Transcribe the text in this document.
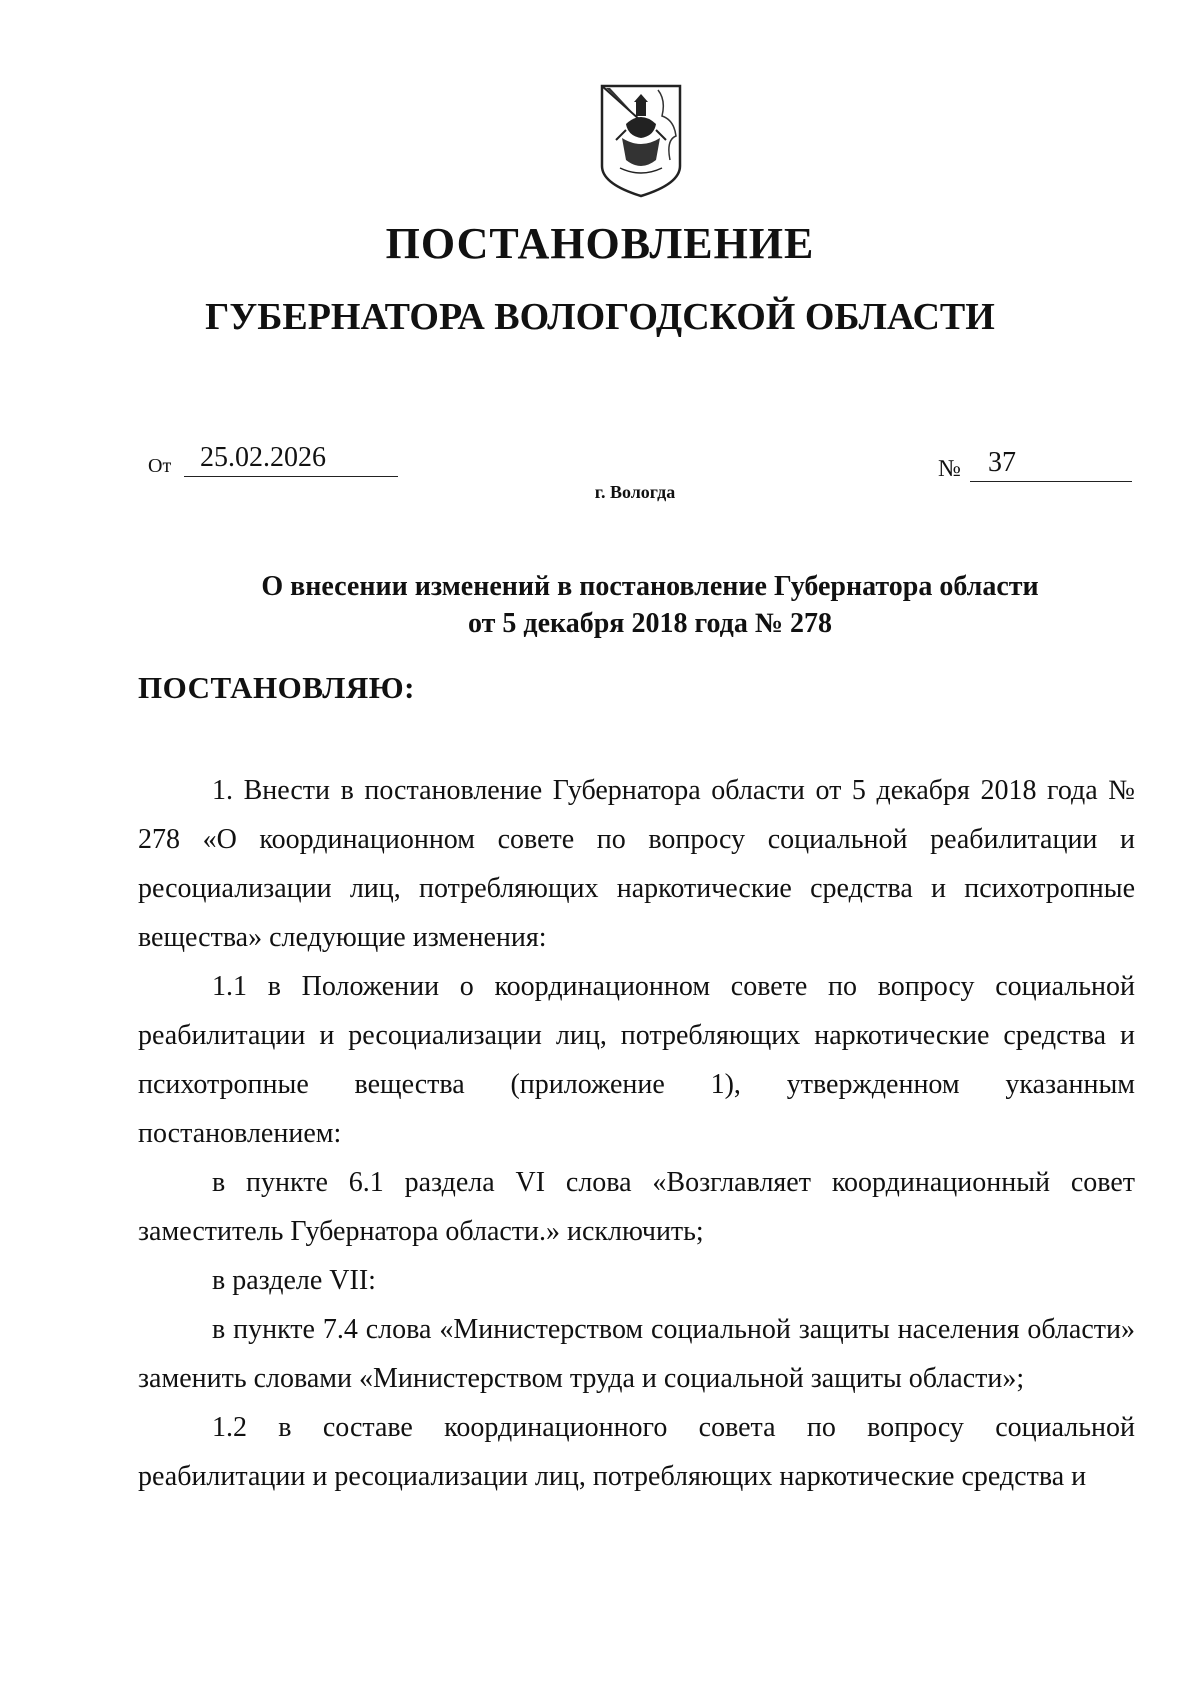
ПОСТАНОВЛЕНИЕ
ГУБЕРНАТОРА ВОЛОГОДСКОЙ ОБЛАСТИ
От	25.02.2026	№ 37
г. Вологда
О внесении изменений в постановление Губернатора области
от 5 декабря 2018 года № 278
ПОСТАНОВЛЯЮ:

1. Внести в постановление Губернатора области от 5 декабря 2018 года № 278 «О координационном совете по вопросу социальной реабилитации и ресоциализации лиц, потребляющих наркотические средства и психотропные вещества» следующие изменения:

1.1 в Положении о координационном совете по вопросу социальной реабилитации и ресоциализации лиц, потребляющих наркотические средства и психотропные вещества (приложение 1), утвержденном указанным постановлением:

в пункте 6.1 раздела VI слова «Возглавляет координационный совет заместитель Губернатора области.» исключить;

в разделе VII:

в пункте 7.4 слова «Министерством социальной защиты населения области» заменить словами «Министерством труда и социальной защиты области»;

1.2 в составе координационного совета по вопросу социальной реабилитации и ресоциализации лиц, потребляющих наркотические средства и
